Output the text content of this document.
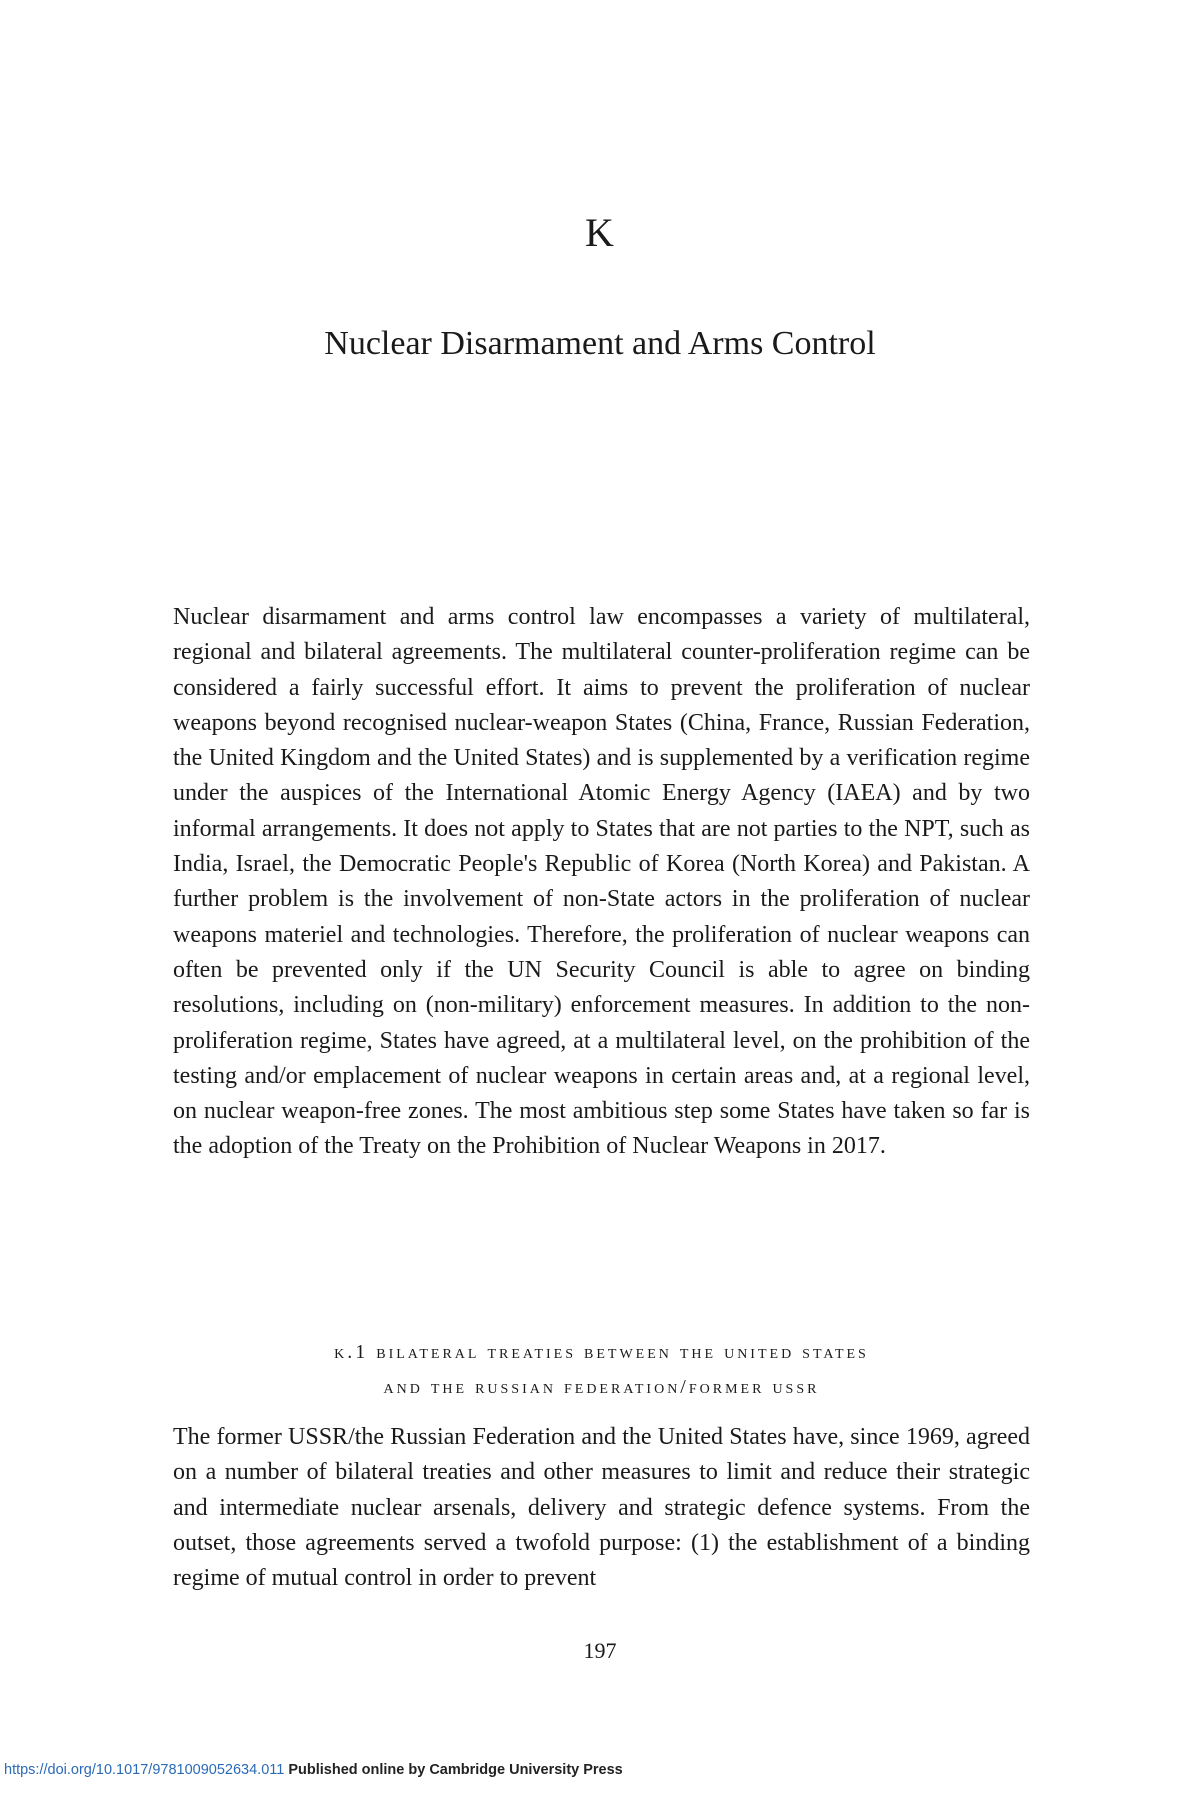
K
Nuclear Disarmament and Arms Control

Nuclear disarmament and arms control law encompasses a variety of multilateral, regional and bilateral agreements. The multilateral counter-proliferation regime can be considered a fairly successful effort. It aims to prevent the proliferation of nuclear weapons beyond recognised nuclear-weapon States (China, France, Russian Federation, the United Kingdom and the United States) and is supplemented by a verification regime under the auspices of the International Atomic Energy Agency (IAEA) and by two informal arrangements. It does not apply to States that are not parties to the NPT, such as India, Israel, the Democratic People's Republic of Korea (North Korea) and Pakistan. A further problem is the involvement of non-State actors in the proliferation of nuclear weapons materiel and technologies. Therefore, the proliferation of nuclear weapons can often be prevented only if the UN Security Council is able to agree on binding resolutions, including on (non-military) enforcement measures. In addition to the non-proliferation regime, States have agreed, at a multilateral level, on the prohibition of the testing and/​or emplacement of nuclear weapons in certain areas and, at a regional level, on nuclear weapon-free zones. The most ambitious step some States have taken so far is the adoption of the Treaty on the Prohibition of Nuclear Weapons in 2017.

k.1 bilateral treaties between the united states
and the russian federation/former ussr

The former USSR/the Russian Federation and the United States have, since 1969, agreed on a number of bilateral treaties and other measures to limit and reduce their strategic and intermediate nuclear arsenals, delivery and strategic defence systems. From the outset, those agreements served a twofold purpose: (1) the establishment of a binding regime of mutual control in order to prevent

197
https://doi.org/10.1017/9781009052634.011 Published online by Cambridge University Press
